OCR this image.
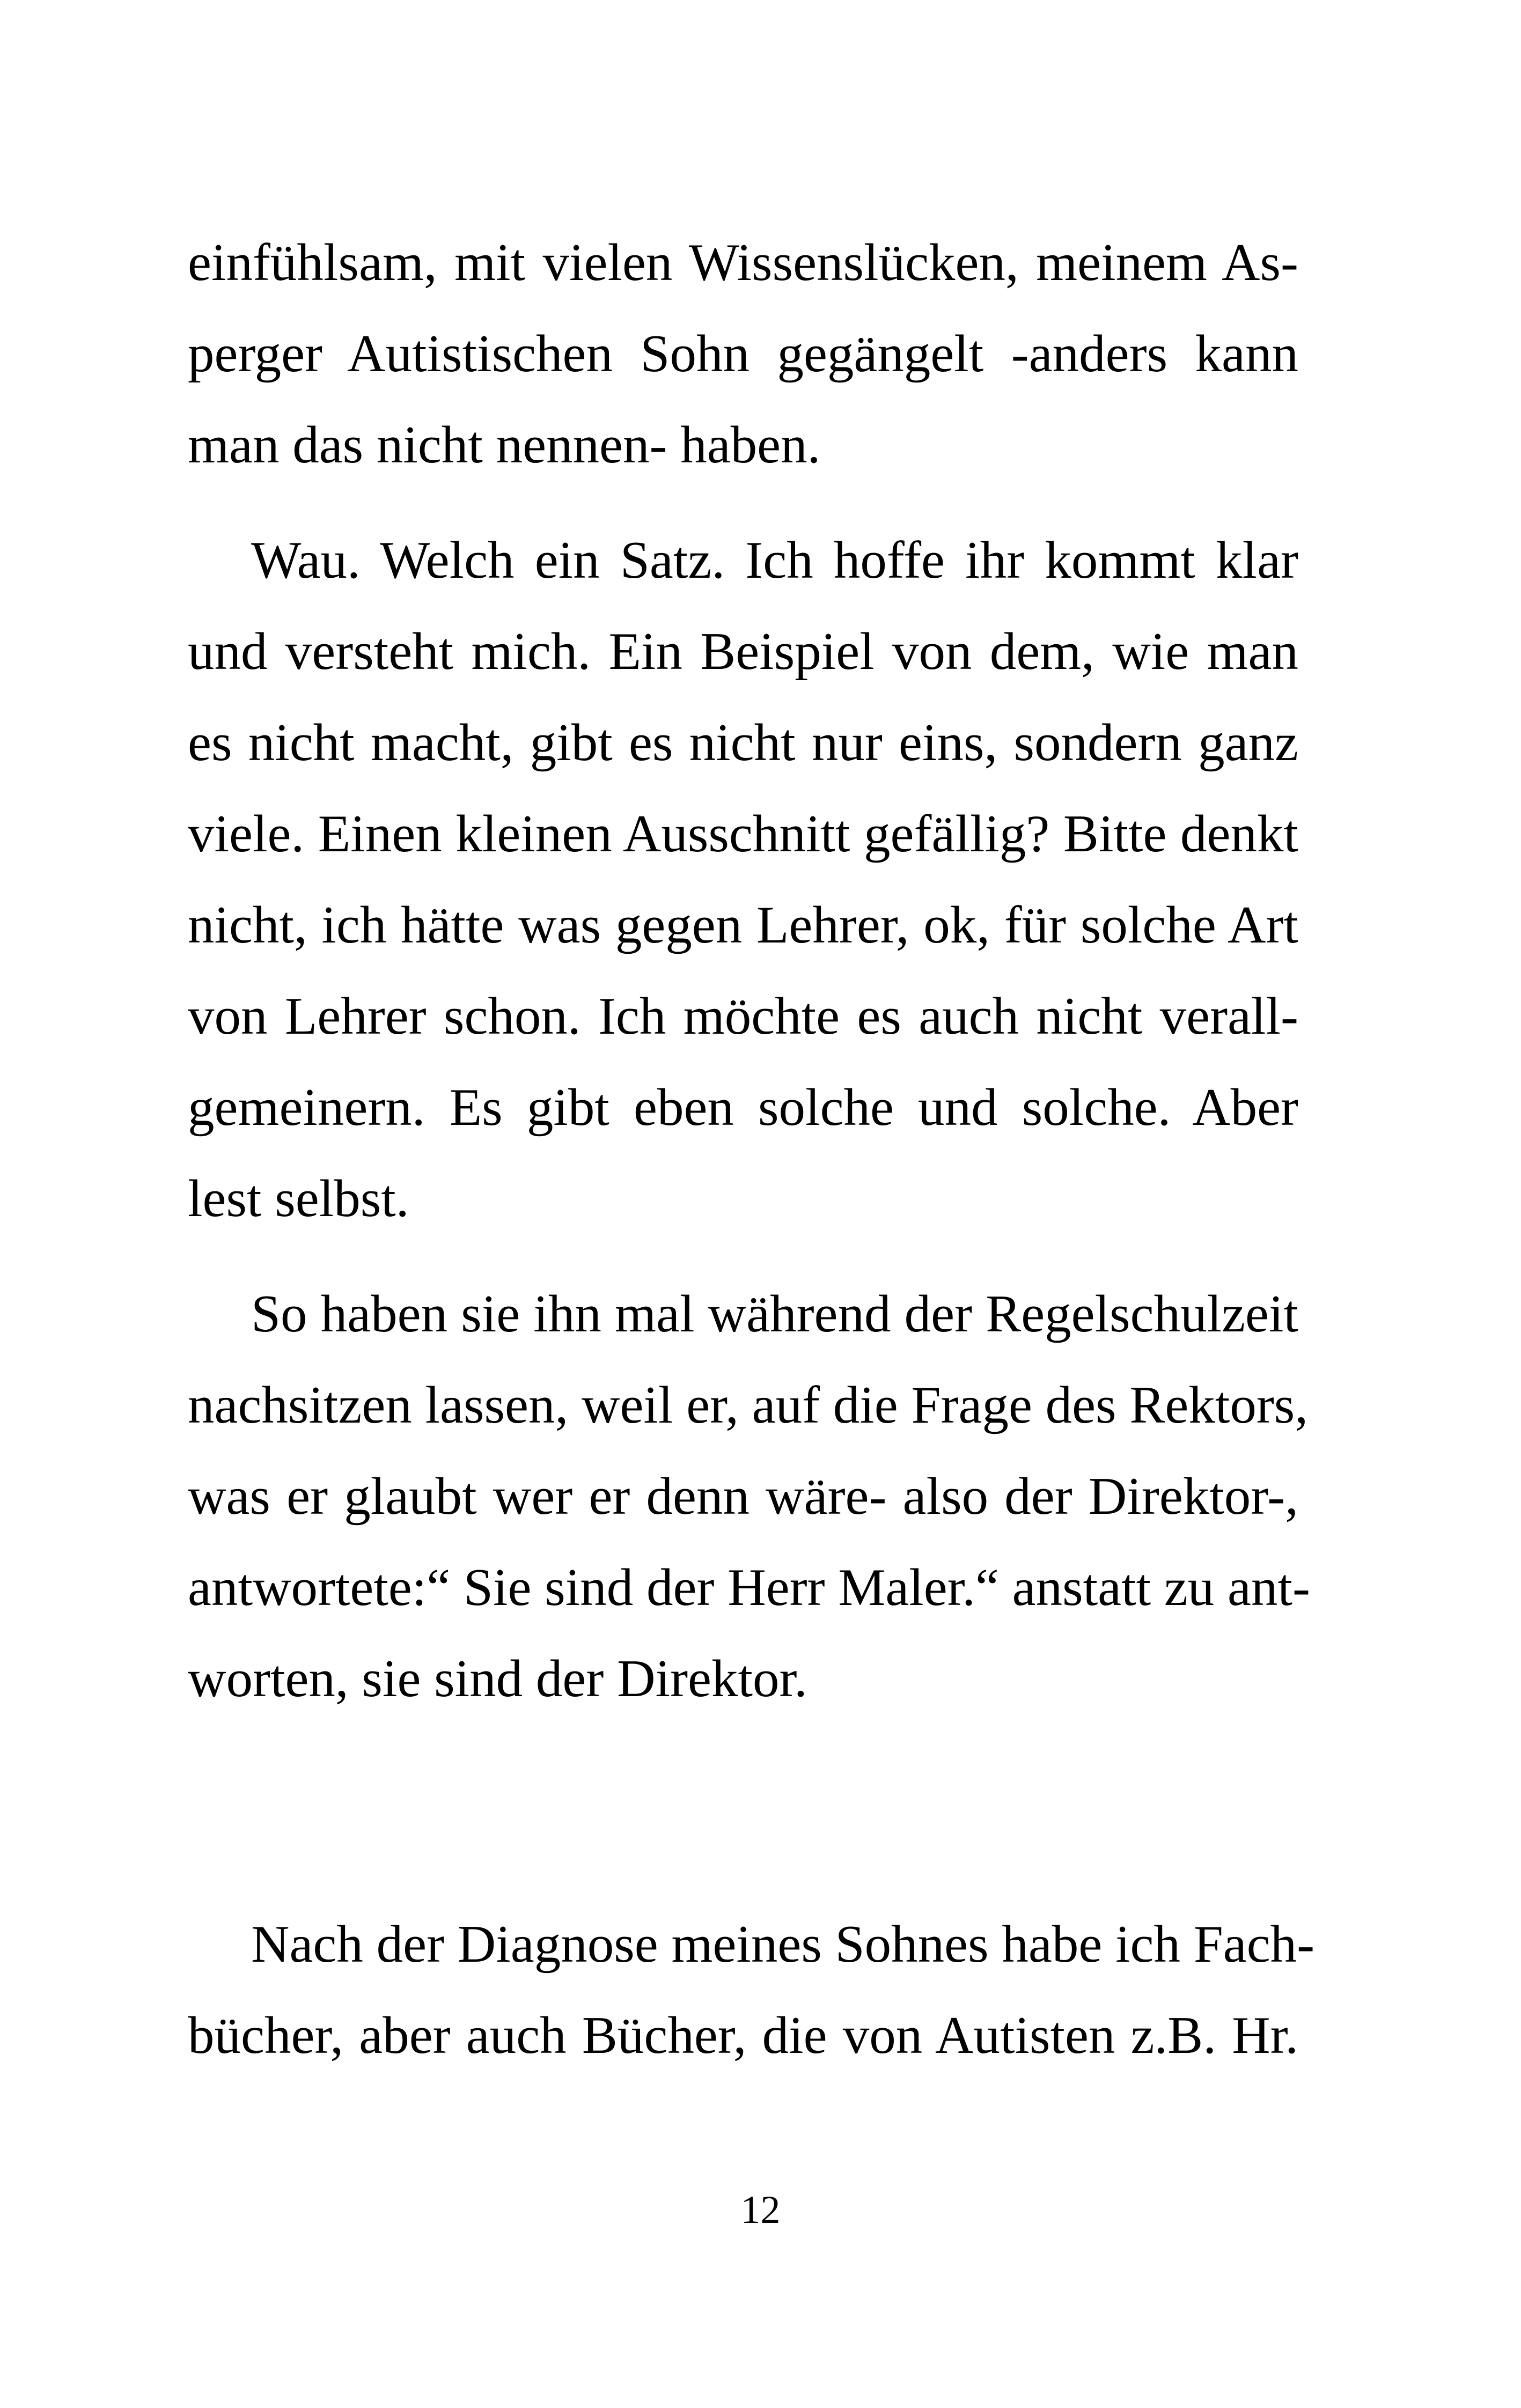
einfühlsam, mit vielen Wissenslücken, meinem As-
perger Autistischen Sohn gegängelt -anders kann
man das nicht nennen- haben.
Wau. Welch ein Satz. Ich hoffe ihr kommt klar
und versteht mich. Ein Beispiel von dem, wie man
es nicht macht, gibt es nicht nur eins, sondern ganz
viele. Einen kleinen Ausschnitt gefällig? Bitte denkt
nicht, ich hätte was gegen Lehrer, ok, für solche Art
von Lehrer schon. Ich möchte es auch nicht verall-
gemeinern. Es gibt eben solche und solche. Aber
lest selbst.
So haben sie ihn mal während der Regelschulzeit
nachsitzen lassen, weil er, auf die Frage des Rektors,
was er glaubt wer er denn wäre- also der Direktor-,
antwortete:“ Sie sind der Herr Maler.“ anstatt zu ant-
worten, sie sind der Direktor.
Nach der Diagnose meines Sohnes habe ich Fach-
bücher, aber auch Bücher, die von Autisten z.B. Hr.
12
